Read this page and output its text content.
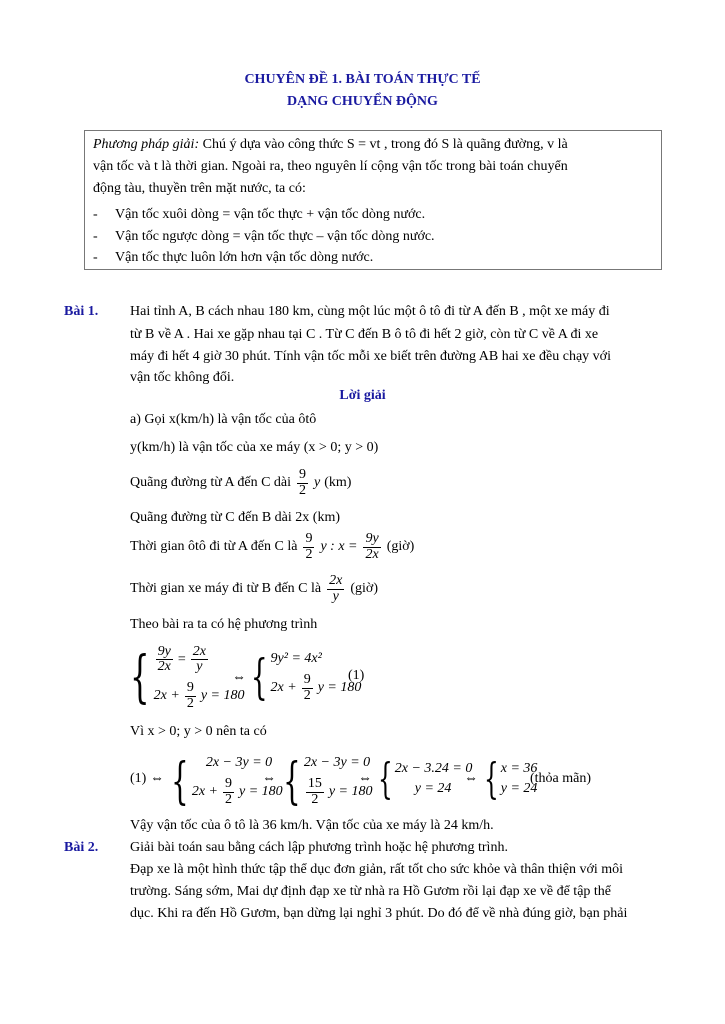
CHUYÊN ĐỀ 1. BÀI TOÁN THỰC TẾ
DẠNG CHUYỂN ĐỘNG
Phương pháp giải: Chú ý dựa vào công thức S = vt , trong đó S là quãng đường, v là
vận tốc và t là thời gian. Ngoài ra, theo nguyên lí cộng vận tốc trong bài toán chuyển
động tàu, thuyền trên mặt nước, ta có:
- Vận tốc xuôi dòng = vận tốc thực + vận tốc dòng nước.
- Vận tốc ngược dòng = vận tốc thực – vận tốc dòng nước.
- Vận tốc thực luôn lớn hơn vận tốc dòng nước.
Bài 1. Hai tỉnh A, B cách nhau 180 km, cùng một lúc một ô tô đi từ A đến B , một xe máy đi
từ B về A . Hai xe gặp nhau tại C . Từ C đến B ô tô đi hết 2 giờ, còn từ C về A đi xe
máy đi hết 4 giờ 30 phút. Tính vận tốc mỗi xe biết trên đường AB hai xe đều chạy với
vận tốc không đổi.
Lời giải
a) Gọi x(km/h) là vận tốc của ôtô
y(km/h) là vận tốc của xe máy (x > 0; y > 0)
Quãng đường từ A đến C dài $\frac{9}{2}$ y (km)
Quãng đường từ C đến B dài 2x (km)
Thời gian ôtô đi từ A đến C là $\frac{9}{2}$ y : $x = \frac{9y}{2x}$ (giờ)
Thời gian xe máy đi từ B đến C là $\frac{2x}{y}$ (giờ)
Theo bài ra ta có hệ phương trình
{ $\frac{9y}{2x} = \frac{2x}{y}$
$2x + \frac{9}{2}$ y = 180
⇔ { 9y² = 4x²
$2x + \frac{9}{2}$ y = 180
(1)
Vì x > 0; y > 0 nên ta có
(1) ⇔ {	2x − 3y = 0
$2x + \frac{9}{2}$ y = 180
⇔ { 2x − 3y = 0
$\frac{15}{2}$ y = 180
⇔ { 2x − 3.24 = 0
y = 24
⇔ { x = 36
y = 24
(thỏa mãn)
Vậy vận tốc của ô tô là 36 km/h. Vận tốc của xe máy là 24 km/h.
Bài 2. Giải bài toán sau bằng cách lập phương trình hoặc hệ phương trình.
Đạp xe là một hình thức tập thể dục đơn giản, rất tốt cho sức khỏe và thân thiện với môi
trường. Sáng sớm, Mai dự định đạp xe từ nhà ra Hồ Gươm rồi lại đạp xe về để tập thể
dục. Khi ra đến Hồ Gươm, bạn dừng lại nghỉ 3 phút. Do đó để về nhà đúng giờ, bạn phải
